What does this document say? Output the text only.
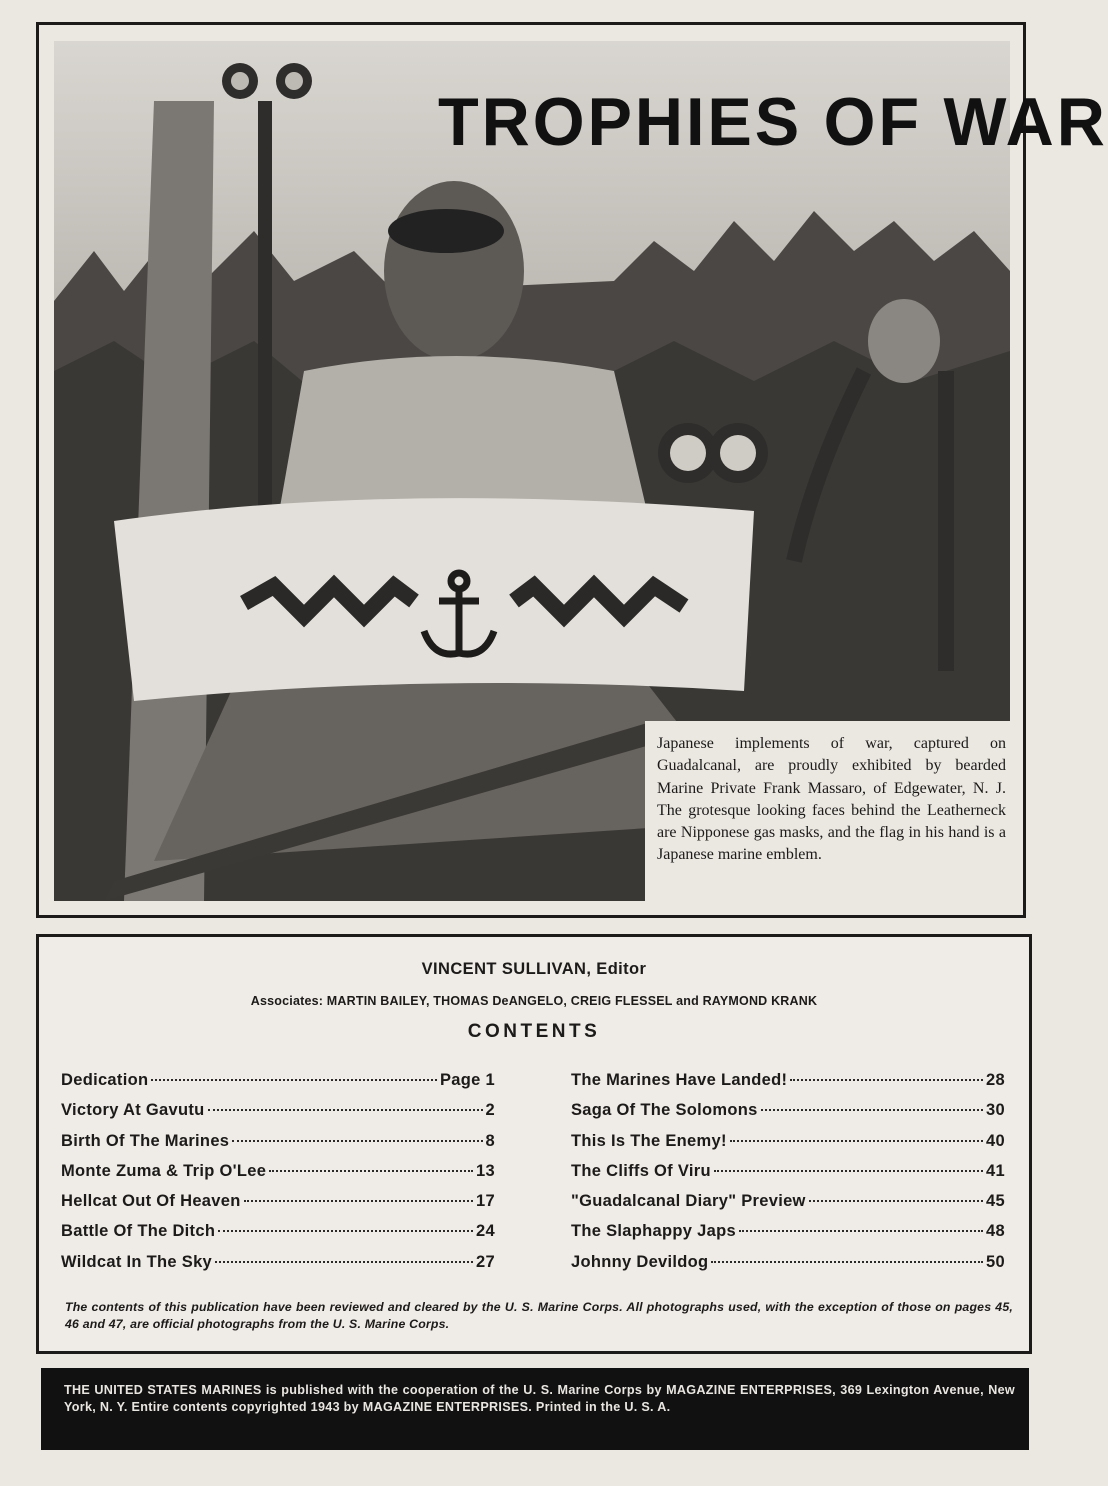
TROPHIES OF WAR
Japanese implements of war, captured on Guadalcanal, are proudly exhibited by bearded Marine Private Frank Massaro, of Edgewater, N. J. The grotesque looking faces behind the Leatherneck are Nipponese gas masks, and the flag in his hand is a Japanese marine emblem.
VINCENT SULLIVAN, Editor
Associates: MARTIN BAILEY, THOMAS DeANGELO, CREIG FLESSEL and RAYMOND KRANK
CONTENTS
Dedication	Page 1
Victory At Gavutu	2
Birth Of The Marines	8
Monte Zuma & Trip O'Lee	13
Hellcat Out Of Heaven	17
Battle Of The Ditch	24
Wildcat In The Sky	27
The Marines Have Landed!	28
Saga Of The Solomons	30
This Is The Enemy!	40
The Cliffs Of Viru	41
"Guadalcanal Diary" Preview	45
The Slaphappy Japs	48
Johnny Devildog	50
The contents of this publication have been reviewed and cleared by the U. S. Marine Corps. All photographs used, with the exception of those on pages 45, 46 and 47, are official photographs from the U. S. Marine Corps.
THE UNITED STATES MARINES is published with the cooperation of the U. S. Marine Corps by MAGAZINE ENTERPRISES, 369 Lexington Avenue, New York, N. Y. Entire contents copyrighted 1943 by MAGAZINE ENTERPRISES. Printed in the U. S. A.
